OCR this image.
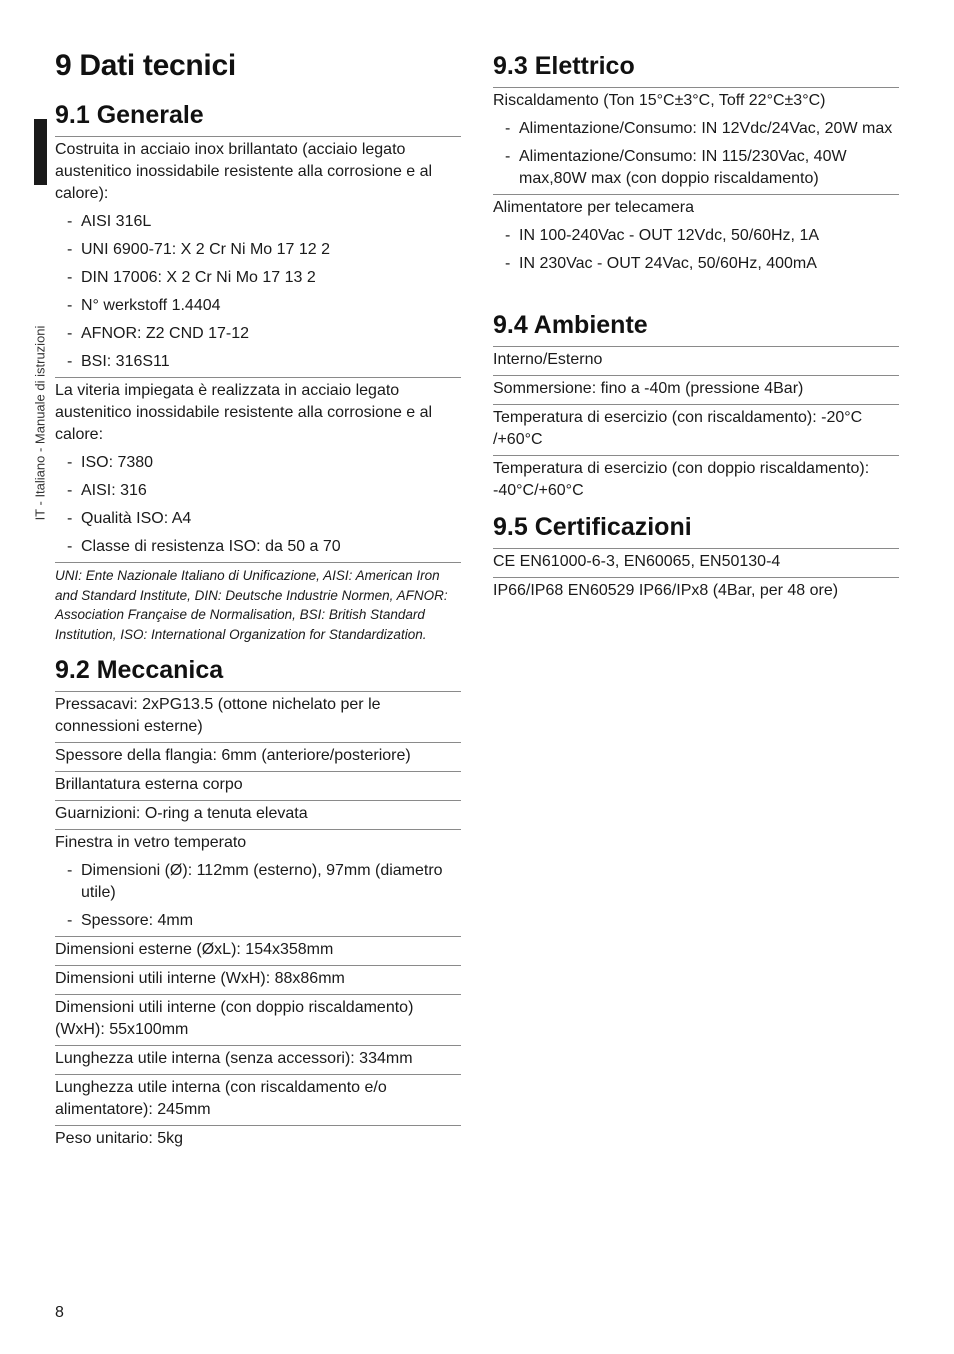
IT - Italiano - Manuale di istruzioni
9 Dati tecnici
9.1 Generale
Costruita in acciaio inox brillantato (acciaio legato austenitico inossidabile resistente alla corrosione e al calore):
- AISI 316L
- UNI 6900-71: X 2 Cr Ni Mo 17 12 2
- DIN 17006: X 2 Cr Ni Mo 17 13 2
- N° werkstoff 1.4404
- AFNOR: Z2 CND 17-12
- BSI: 316S11
La viteria impiegata è realizzata in acciaio legato austenitico inossidabile resistente alla corrosione e al calore:
- ISO: 7380
- AISI: 316
- Qualità ISO: A4
- Classe di resistenza ISO: da 50 a 70
UNI: Ente Nazionale Italiano di Unificazione, AISI: American Iron and Standard Institute, DIN: Deutsche Industrie Normen, AFNOR: Association Française de Normalisation, BSI: British Standard Institution, ISO: International Organization for Standardization.
9.2 Meccanica
Pressacavi: 2xPG13.5 (ottone nichelato per le connessioni esterne)
Spessore della flangia: 6mm (anteriore/posteriore)
Brillantatura esterna corpo
Guarnizioni: O-ring a tenuta elevata
Finestra in vetro temperato
- Dimensioni (Ø): 112mm (esterno), 97mm (diametro utile)
- Spessore: 4mm
Dimensioni esterne (ØxL): 154x358mm
Dimensioni utili interne (WxH): 88x86mm
Dimensioni utili interne (con doppio riscaldamento) (WxH): 55x100mm
Lunghezza utile interna (senza accessori): 334mm
Lunghezza utile interna (con riscaldamento e/o alimentatore): 245mm
Peso unitario: 5kg
9.3 Elettrico
Riscaldamento (Ton 15°C±3°C, Toff 22°C±3°C)
- Alimentazione/Consumo: IN 12Vdc/24Vac, 20W max
- Alimentazione/Consumo: IN 115/230Vac, 40W max,80W max (con doppio riscaldamento)
Alimentatore per telecamera
- IN 100-240Vac - OUT 12Vdc, 50/60Hz, 1A
- IN 230Vac - OUT 24Vac, 50/60Hz, 400mA
9.4 Ambiente
Interno/Esterno
Sommersione: fino a -40m (pressione 4Bar)
Temperatura di esercizio (con riscaldamento): -20°C /+60°C
Temperatura di esercizio (con doppio riscaldamento): -40°C/+60°C
9.5 Certificazioni
CE EN61000-6-3, EN60065, EN50130-4
IP66/IP68 EN60529 IP66/IPx8 (4Bar, per 48 ore)
8
